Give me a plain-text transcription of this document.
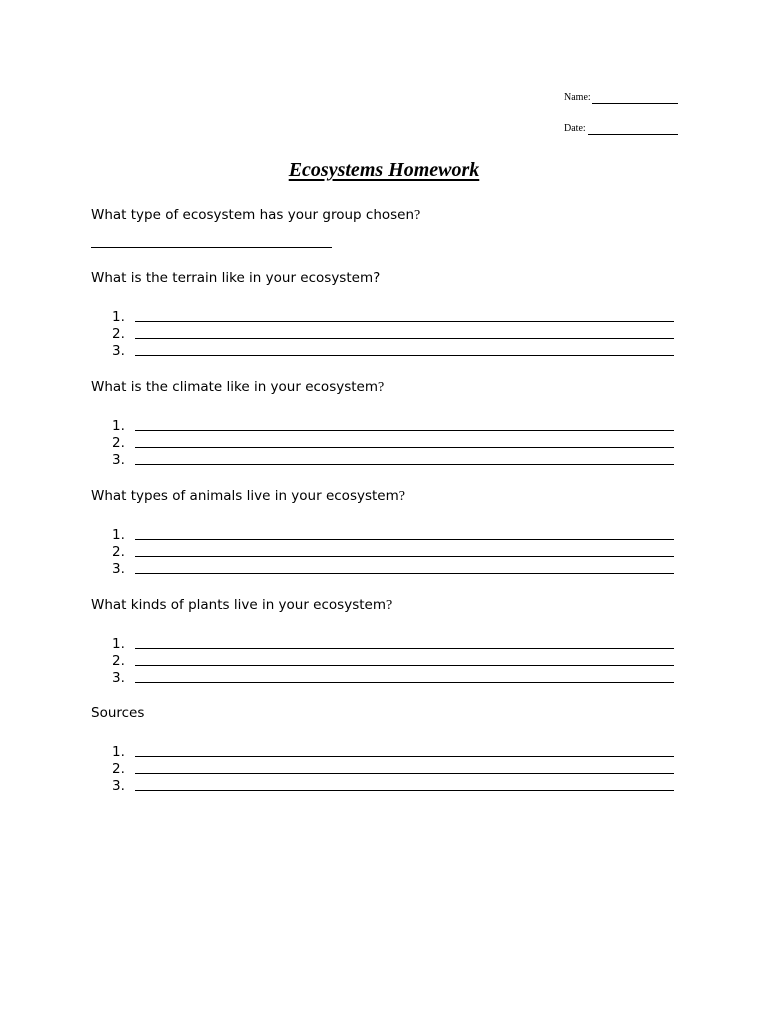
Name:
Date:
Ecosystems Homework
What type of ecosystem has your group chosen?
What is the terrain like in your ecosystem?
1.
2.
3.
What is the climate like in your ecosystem?
1.
2.
3.
What types of animals live in your ecosystem?
1.
2.
3.
What kinds of plants live in your ecosystem?
1.
2.
3.
Sources
1.
2.
3.
